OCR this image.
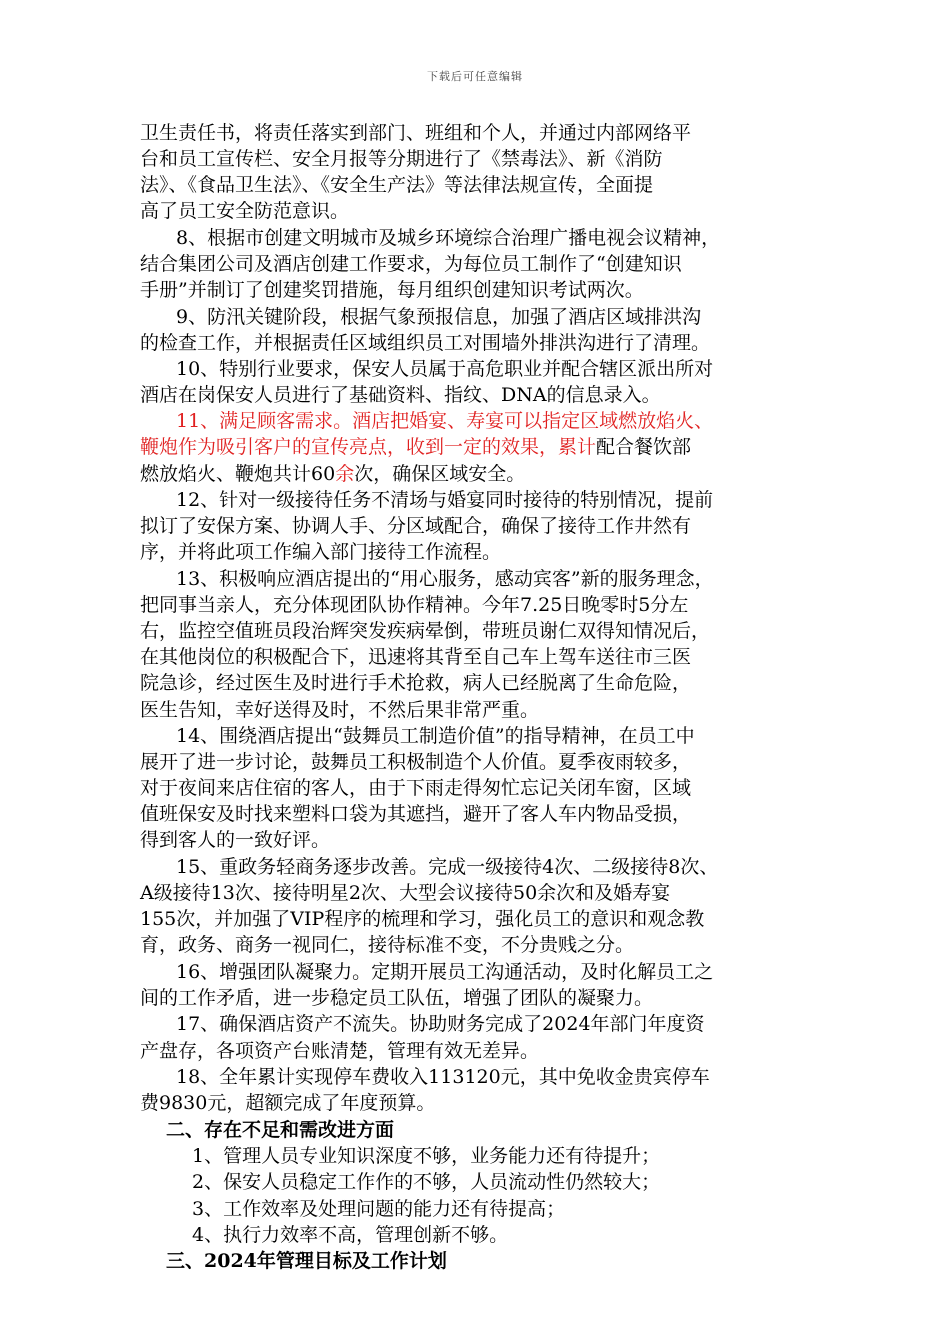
下载后可任意编辑
卫生责任书，将责任落实到部门、班组和个人，并通过内部网络平
台和员工宣传栏、安全月报等分期进行了《禁毒法》、新《消防
法》、《食品卫生法》、《安全生产法》等法律法规宣传，全面提
高了员工安全防范意识。
8、根据市创建文明城市及城乡环境综合治理广播电视会议精神，
结合集团公司及酒店创建工作要求，为每位员工制作了“创建知识
手册”并制订了创建奖罚措施，每月组织创建知识考试两次。
9、防汛关键阶段，根据气象预报信息，加强了酒店区域排洪沟
的检查工作，并根据责任区域组织员工对围墙外排洪沟进行了清理。
10、特别行业要求，保安人员属于高危职业并配合辖区派出所对
酒店在岗保安人员进行了基础资料、指纹、DNA的信息录入。
11、满足顾客需求。酒店把婚宴、寿宴可以指定区域燃放焰火、
鞭炮作为吸引客户的宣传亮点，收到一定的效果，累计配合餐饮部
燃放焰火、鞭炮共计60余次，确保区域安全。
12、针对一级接待任务不清场与婚宴同时接待的特别情况，提前
拟订了安保方案、协调人手、分区域配合，确保了接待工作井然有
序，并将此项工作编入部门接待工作流程。
13、积极响应酒店提出的“用心服务，感动宾客”新的服务理念，
把同事当亲人，充分体现团队协作精神。今年7.25日晚零时5分左
右，监控空值班员段治辉突发疾病晕倒，带班员谢仁双得知情况后，
在其他岗位的积极配合下，迅速将其背至自己车上驾车送往市三医
院急诊，经过医生及时进行手术抢救，病人已经脱离了生命危险，
医生告知，幸好送得及时，不然后果非常严重。
14、围绕酒店提出“鼓舞员工制造价值”的指导精神，在员工中
展开了进一步讨论，鼓舞员工积极制造个人价值。夏季夜雨较多，
对于夜间来店住宿的客人，由于下雨走得匆忙忘记关闭车窗，区域
值班保安及时找来塑料口袋为其遮挡，避开了客人车内物品受损，
得到客人的一致好评。
15、重政务轻商务逐步改善。完成一级接待4次、二级接待8次、
A级接待13次、接待明星2次、大型会议接待50余次和及婚寿宴
155次，并加强了VIP程序的梳理和学习，强化员工的意识和观念教
育，政务、商务一视同仁，接待标准不变，不分贵贱之分。
16、增强团队凝聚力。定期开展员工沟通活动，及时化解员工之
间的工作矛盾，进一步稳定员工队伍，增强了团队的凝聚力。
17、确保酒店资产不流失。协助财务完成了2024年部门年度资
产盘存，各项资产台账清楚，管理有效无差异。
18、全年累计实现停车费收入113120元，其中免收金贵宾停车
费9830元，超额完成了年度预算。
二、存在不足和需改进方面
1、管理人员专业知识深度不够，业务能力还有待提升；
2、保安人员稳定工作作的不够，人员流动性仍然较大；
3、工作效率及处理问题的能力还有待提高；
4、执行力效率不高，管理创新不够。
三、2024年管理目标及工作计划
